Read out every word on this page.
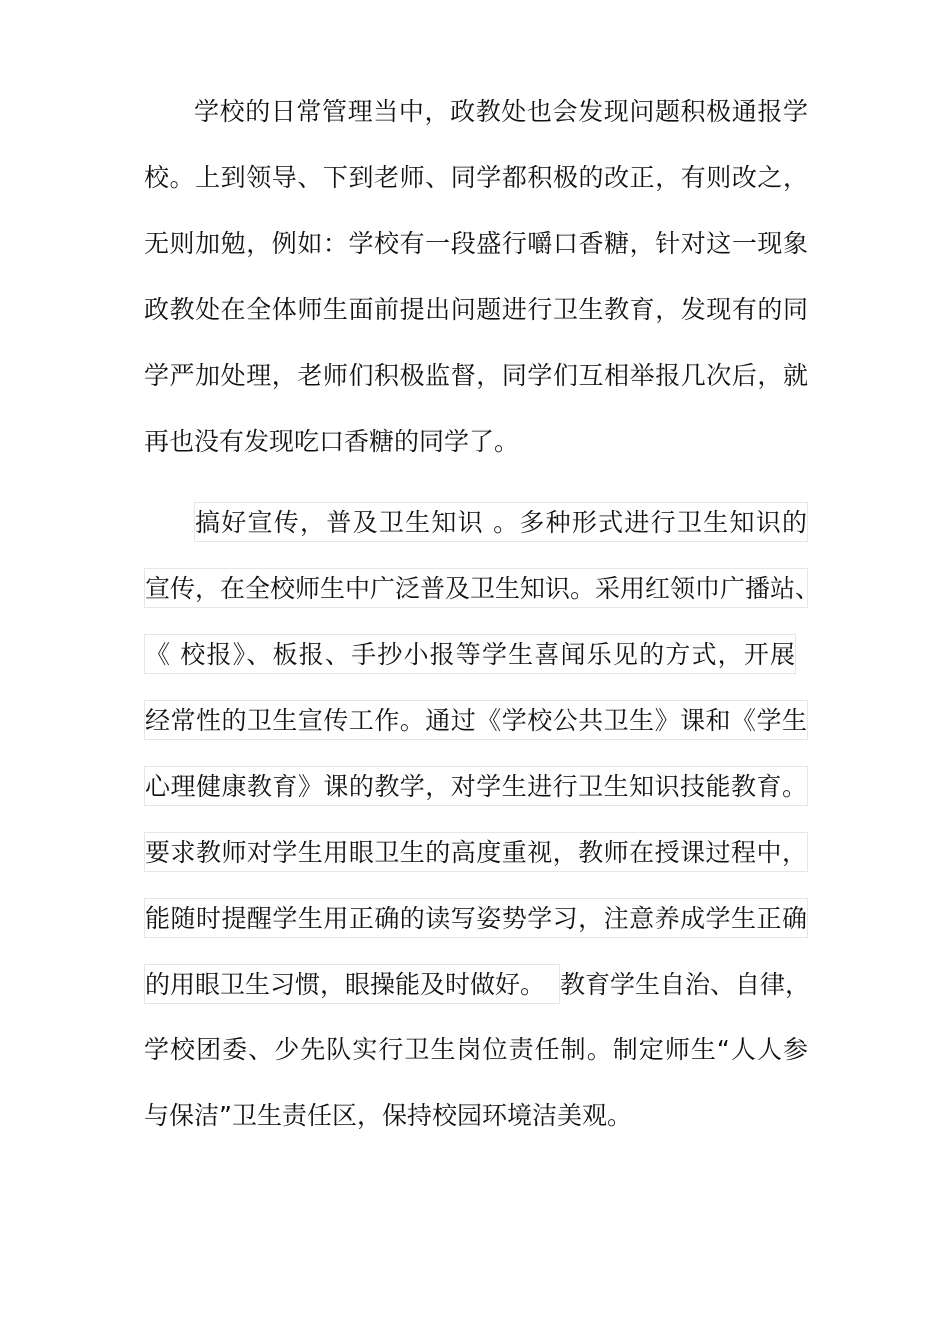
学校的日常管理当中，政教处也会发现问题积极通报学
校。上到领导、下到老师、同学都积极的改正，有则改之，
无则加勉，例如：学校有一段盛行嚼口香糖，针对这一现象
政教处在全体师生面前提出问题进行卫生教育，发现有的同
学严加处理，老师们积极监督，同学们互相举报几次后，就
再也没有发现吃口香糖的同学了。
搞好宣传，普及卫生知识 。多种形式进行卫生知识的
宣传，在全校师生中广泛普及卫生知识。采用红领巾广播站、
《 校报》、板报、手抄小报等学生喜闻乐见的方式，开展
经常性的卫生宣传工作。通过《学校公共卫生》课和《学生
心理健康教育》课的教学，对学生进行卫生知识技能教育。
要求教师对学生用眼卫生的高度重视，教师在授课过程中，
能随时提醒学生用正确的读写姿势学习，注意养成学生正确
的用眼卫生习惯，眼操能及时做好。 教育学生自治、自律，
学校团委、少先队实行卫生岗位责任制。制定师生“人人参
与保洁”卫生责任区，保持校园环境洁美观。
